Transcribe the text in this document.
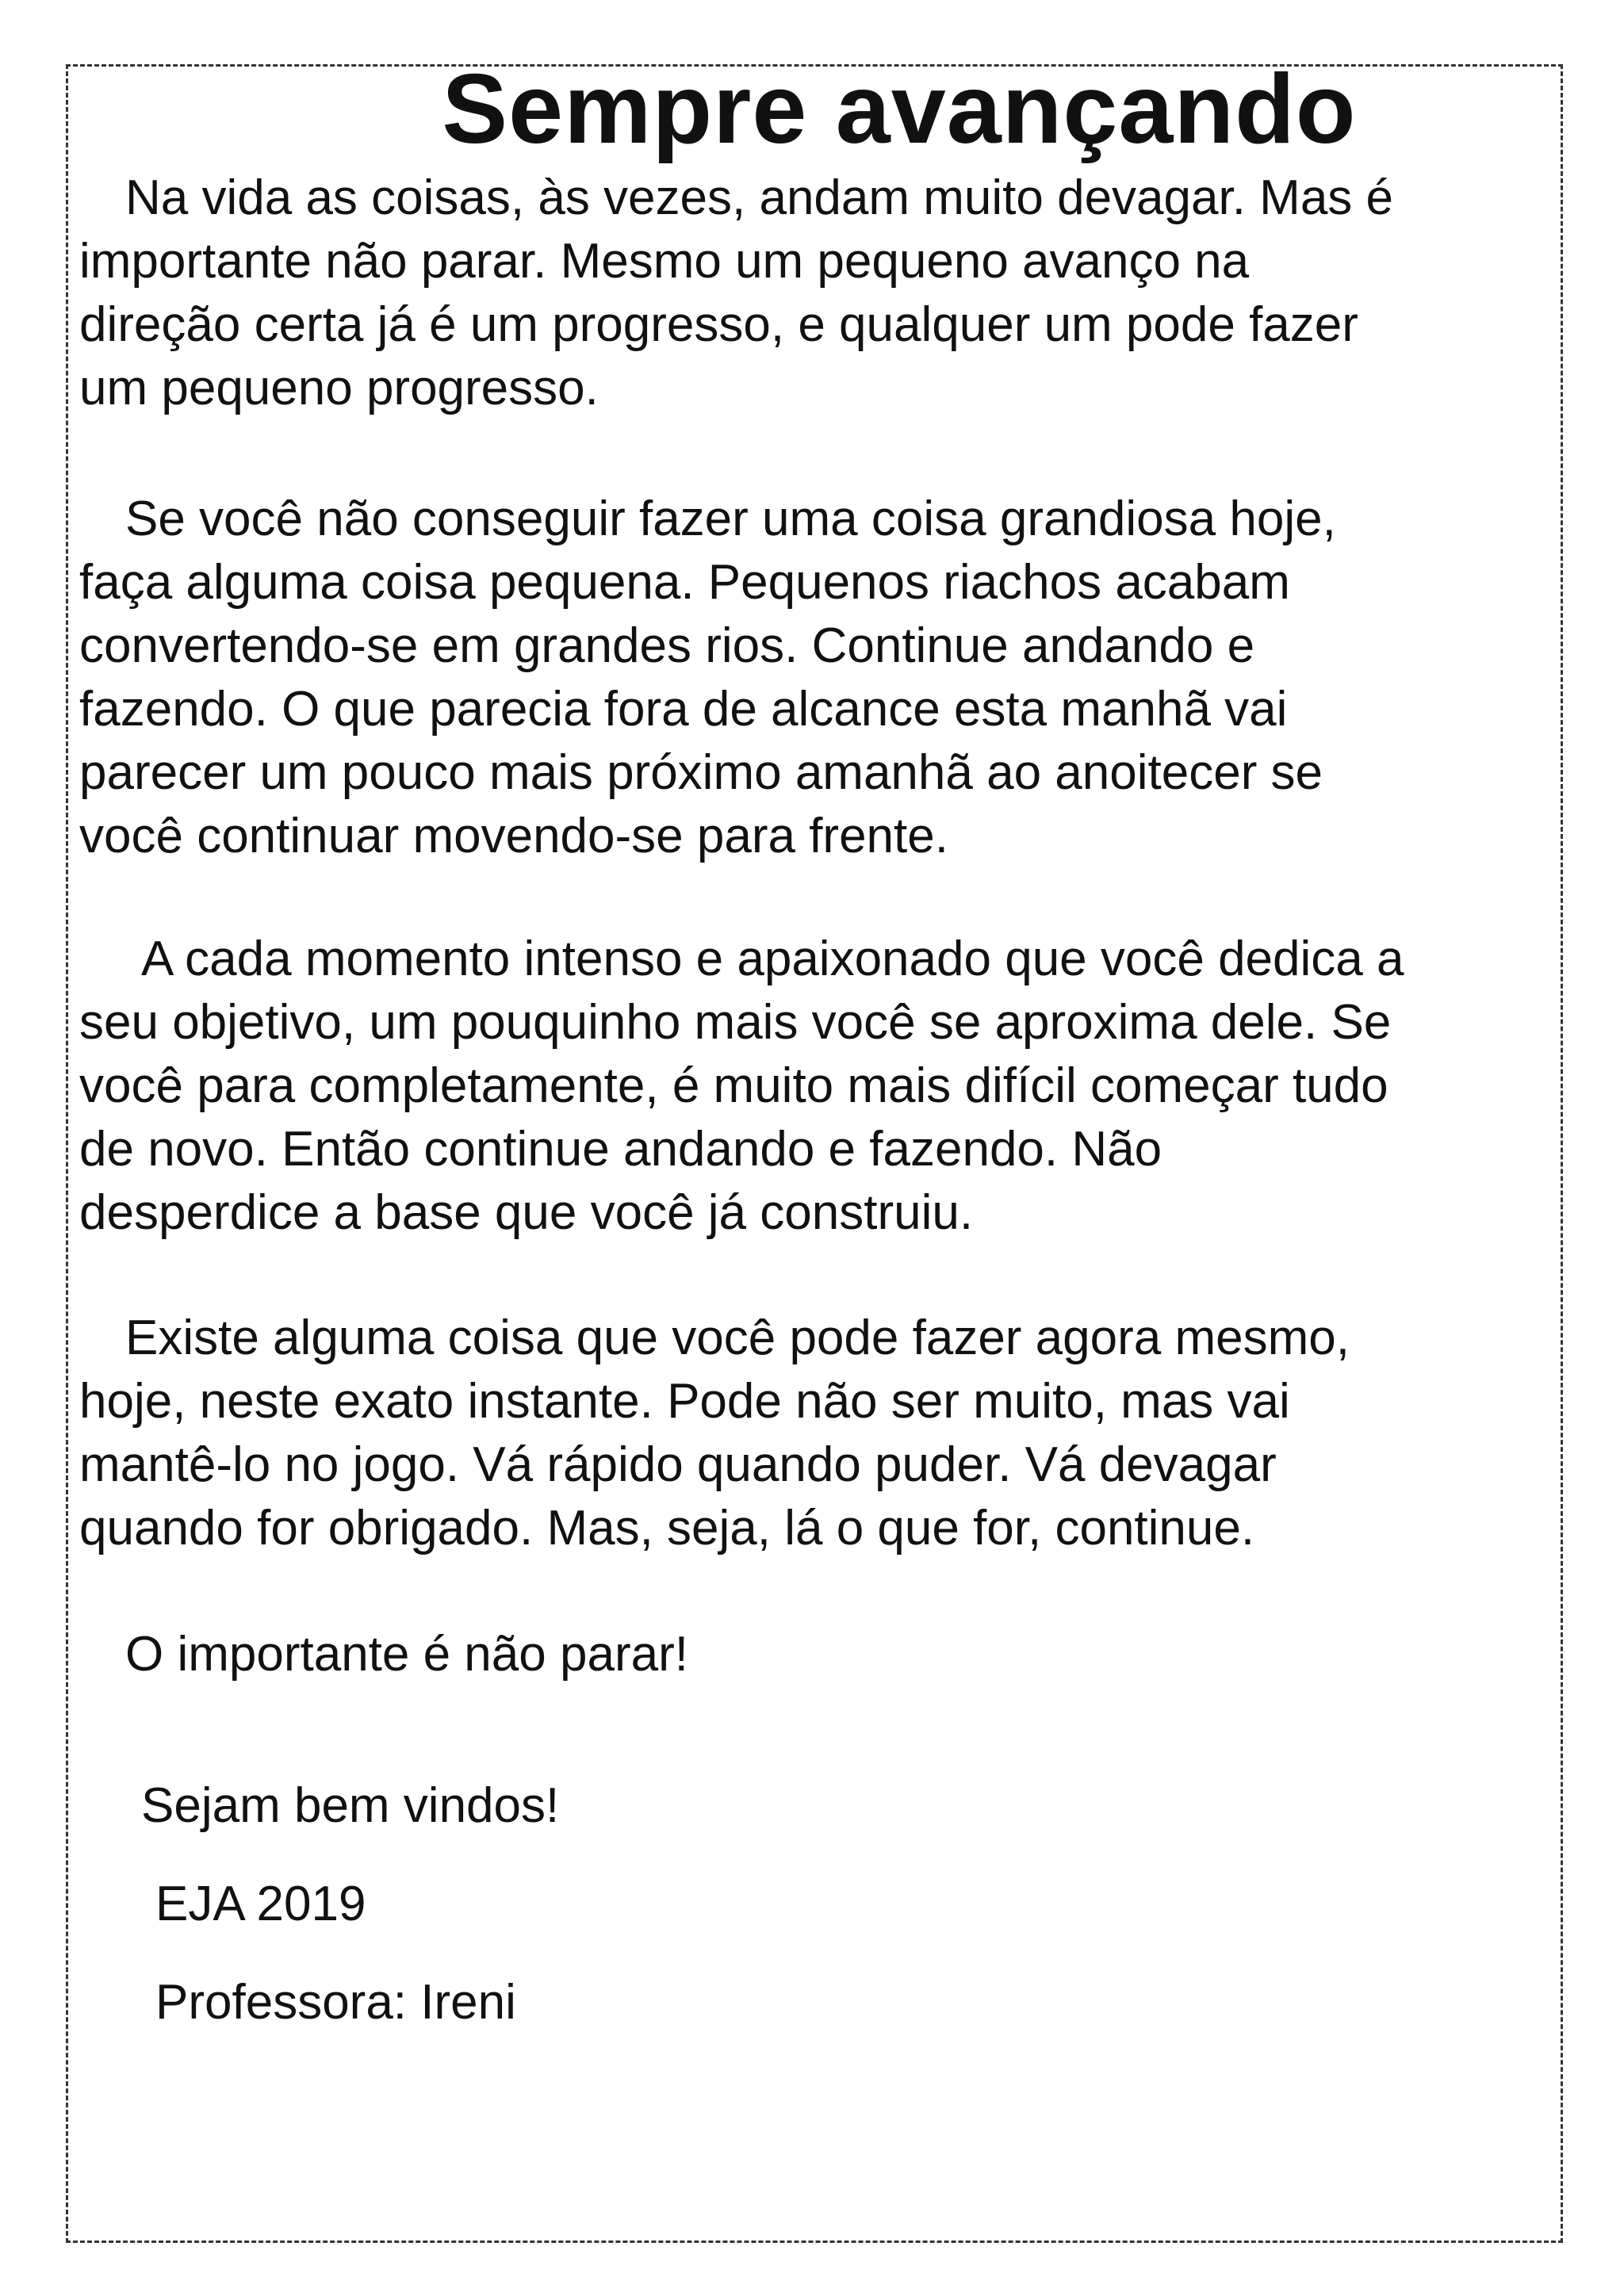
Sempre avançando
Na vida as coisas, às vezes, andam muito devagar. Mas é
importante não parar. Mesmo um pequeno avanço na
direção certa já é um progresso, e qualquer um pode fazer
um pequeno progresso.
Se você não conseguir fazer uma coisa grandiosa hoje,
faça alguma coisa pequena. Pequenos riachos acabam
convertendo-se em grandes rios. Continue andando e
fazendo. O que parecia fora de alcance esta manhã vai
parecer um pouco mais próximo amanhã ao anoitecer se
você continuar movendo-se para frente.
A cada momento intenso e apaixonado que você dedica a
seu objetivo, um pouquinho mais você se aproxima dele. Se
você para completamente, é muito mais difícil começar tudo
de novo. Então continue andando e fazendo. Não
desperdice a base que você já construiu.
Existe alguma coisa que você pode fazer agora mesmo,
hoje, neste exato instante. Pode não ser muito, mas vai
mantê-lo no jogo. Vá rápido quando puder. Vá devagar
quando for obrigado. Mas, seja, lá o que for, continue.
O importante é não parar!
Sejam bem vindos!
EJA 2019
Professora: Ireni
